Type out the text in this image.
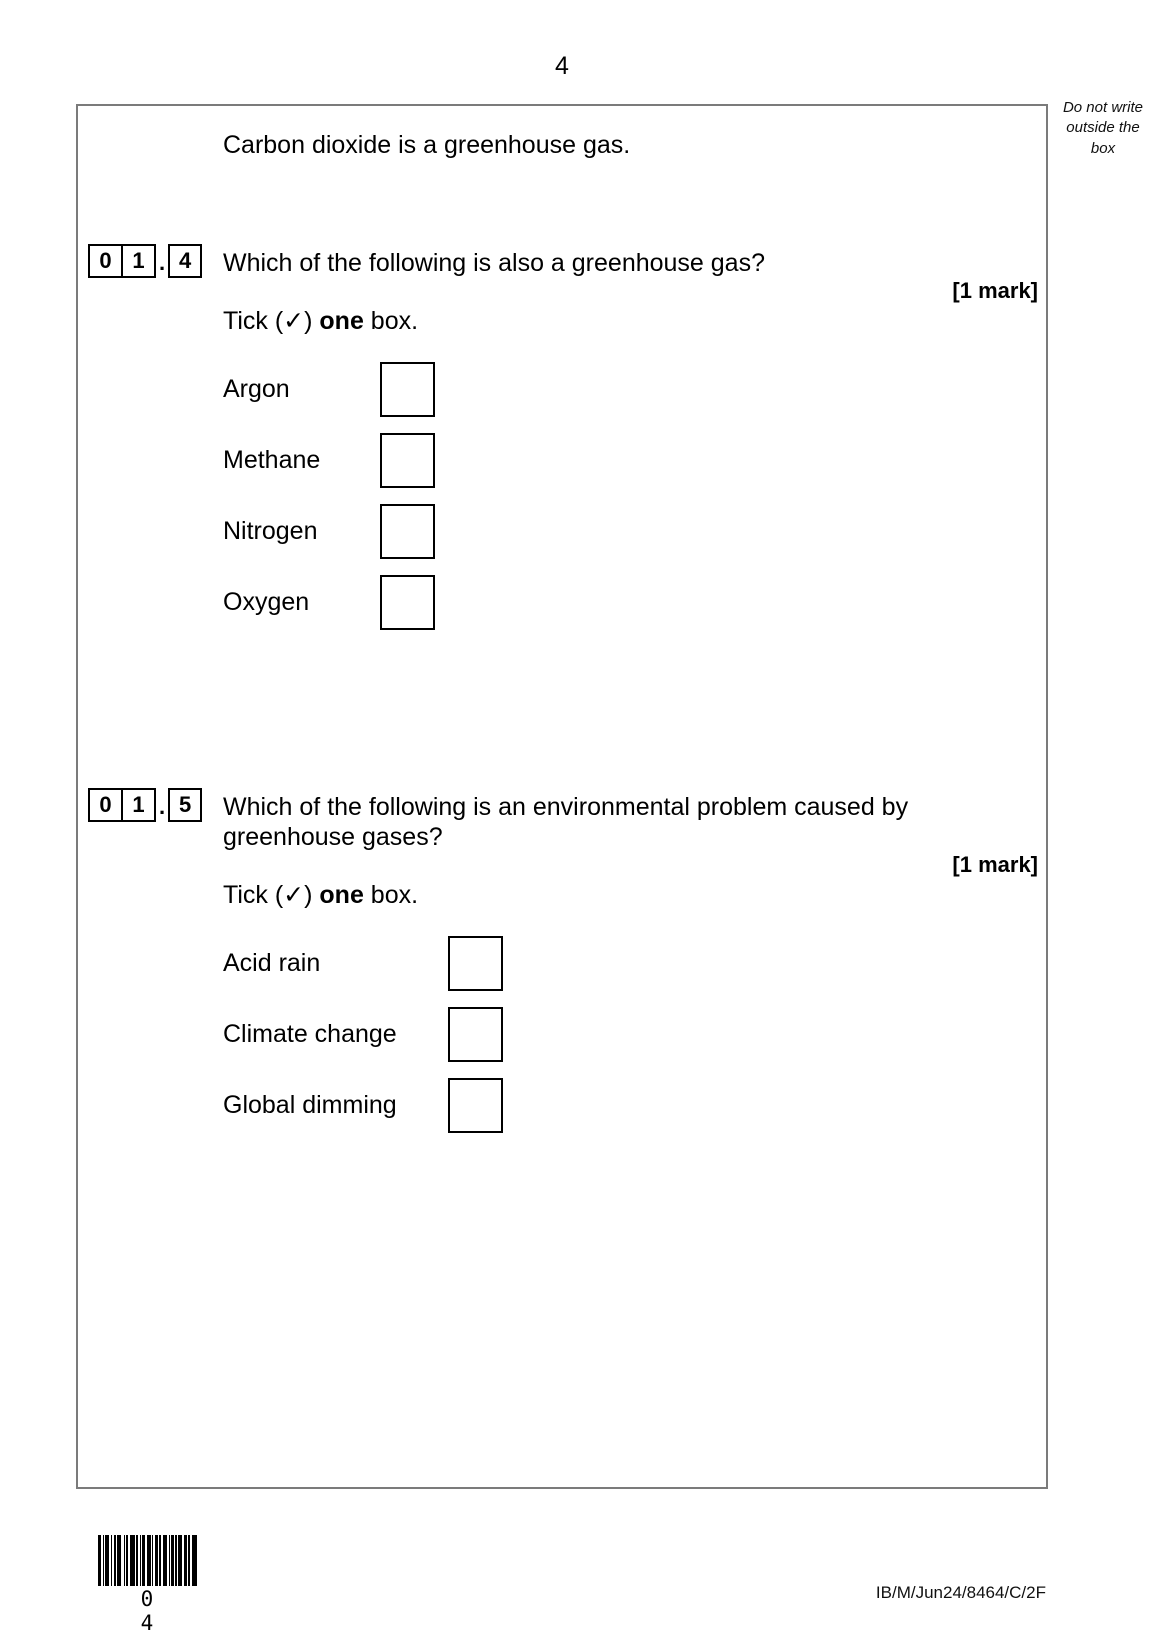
4
Do not write outside the box
Carbon dioxide is a greenhouse gas.
0 1 . 4	Which of the following is also a greenhouse gas?
[1 mark]
Tick (✓) one box.
Argon
Methane
Nitrogen
Oxygen
0 1 . 5	Which of the following is an environmental problem caused by greenhouse gases?
[1 mark]
Tick (✓) one box.
Acid rain
Climate change
Global dimming
0 4
IB/M/Jun24/8464/C/2F
